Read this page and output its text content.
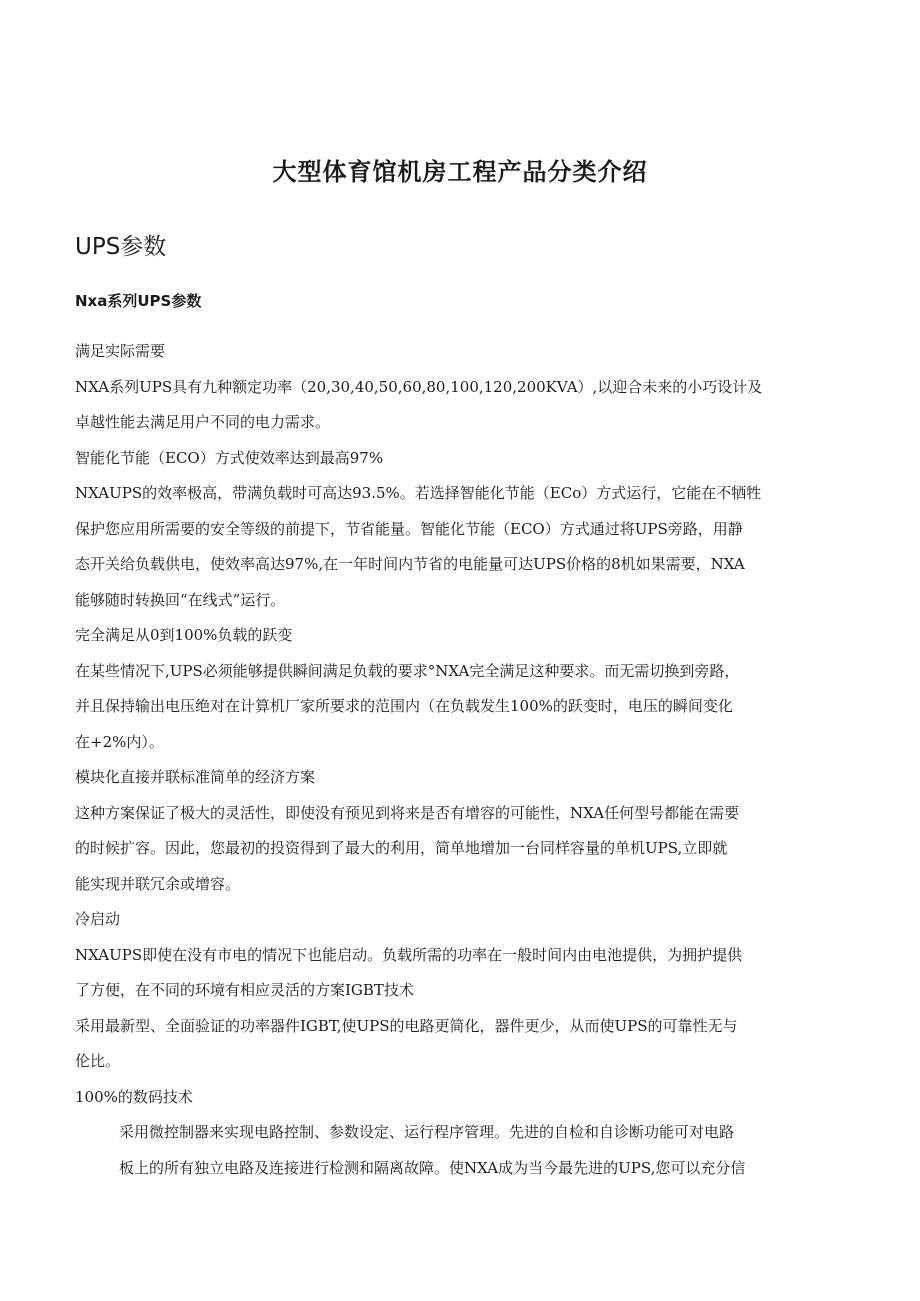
大型体育馆机房工程产品分类介绍
UPS参数
Nxa系列UPS参数
满足实际需要
NXA系列UPS具有九种额定功率（20,30,40,50,60,80,100,120,200KVA）,以迎合未来的小巧设计及
卓越性能去满足用户不同的电力需求。
智能化节能（ECO）方式使效率达到最高97%
NXAUPS的效率极高，带满负载时可高达93.5%。若选择智能化节能（ECo）方式运行，它能在不牺牲
保护您应用所需要的安全等级的前提下，节省能量。智能化节能（ECO）方式通过将UPS旁路，用静
态开关给负载供电，使效率高达97%,在一年时间内节省的电能量可达UPS价格的8机如果需要，NXA
能够随时转换回“在线式”运行。
完全满足从0到100%负载的跃变
在某些情况下,UPS必须能够提供瞬间满足负载的要求°NXA完全满足这种要求。而无需切换到旁路，
并且保持输出电压绝对在计算机厂家所要求的范围内（在负载发生100%的跃变时，电压的瞬间变化
在+2%内）。
模块化直接并联标准简单的经济方案
这种方案保证了极大的灵活性，即使没有预见到将来是否有增容的可能性，NXA任何型号都能在需要
的时候扩容。因此，您最初的投资得到了最大的利用，简单地增加一台同样容量的单机UPS,立即就
能实现并联冗余或增容。
冷启动
NXAUPS即使在没有市电的情况下也能启动。负载所需的功率在一般时间内由电池提供，为拥护提供
了方便，在不同的环境有相应灵活的方案IGBT技术
采用最新型、全面验证的功率器件IGBT,使UPS的电路更简化，器件更少，从而使UPS的可靠性无与
伦比。
100%的数码技术
采用微控制器来实现电路控制、参数设定、运行程序管理。先进的自检和自诊断功能可对电路
板上的所有独立电路及连接进行检测和隔离故障。使NXA成为当今最先进的UPS,您可以充分信
